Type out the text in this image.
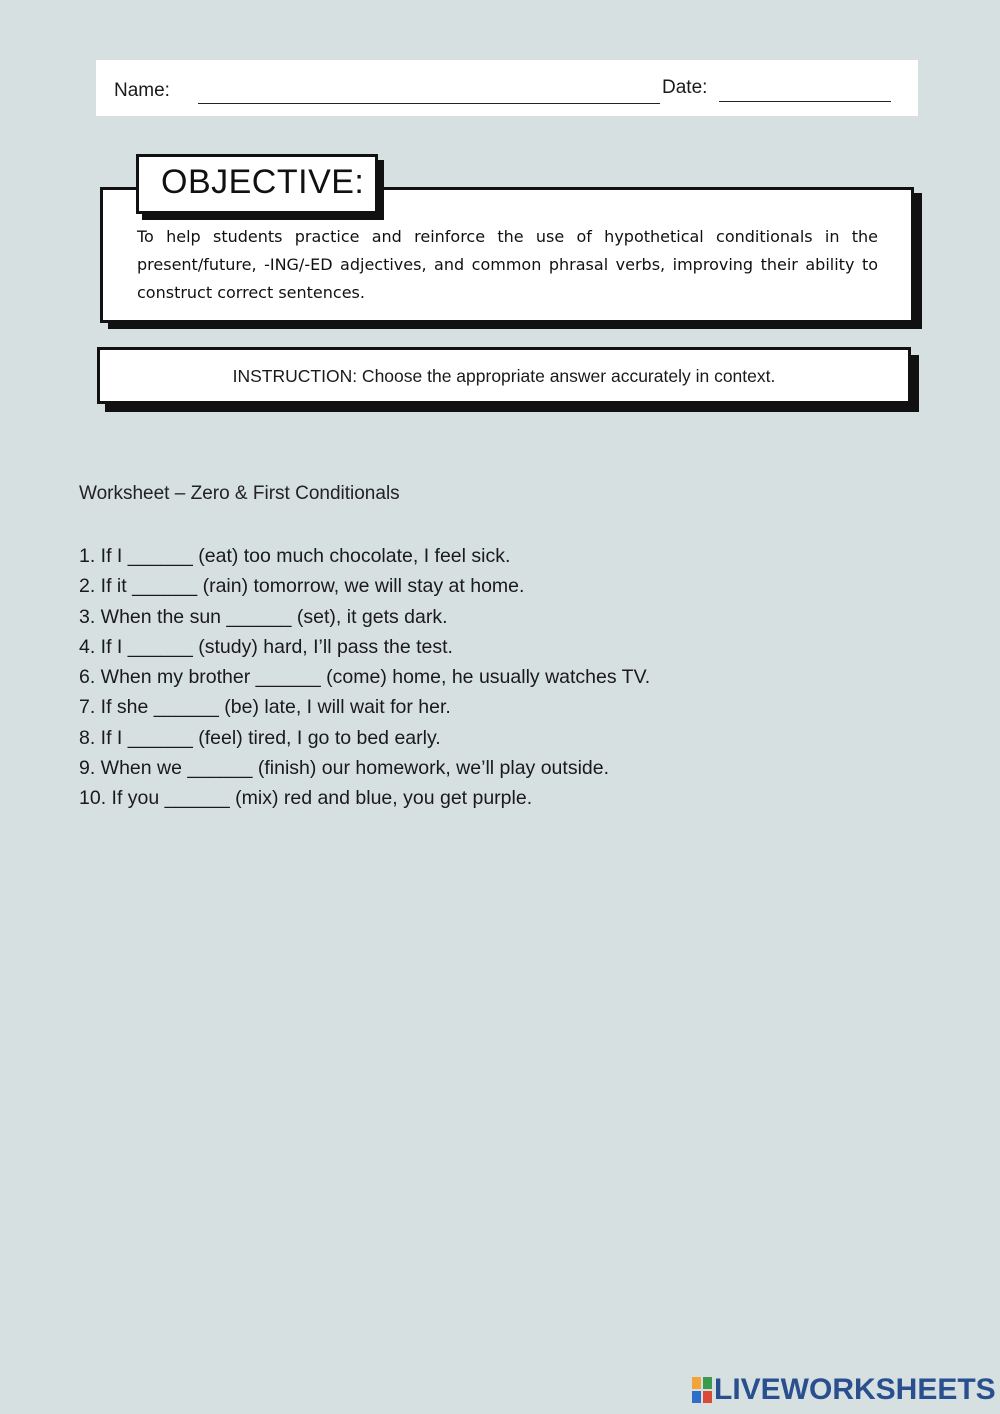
Name:	Date:
To help students practice and reinforce the use of hypothetical conditionals in the present/future, -ING/-ED adjectives, and common phrasal verbs, improving their ability to construct correct sentences.
OBJECTIVE:
INSTRUCTION: Choose the appropriate answer accurately in context.
Worksheet – Zero & First Conditionals
1. If I ______ (eat) too much chocolate, I feel sick.
2. If it ______ (rain) tomorrow, we will stay at home.
3. When the sun ______ (set), it gets dark.
4. If I ______ (study) hard, I’ll pass the test.
6. When my brother ______ (come) home, he usually watches TV.
7. If she ______ (be) late, I will wait for her.
8. If I ______ (feel) tired, I go to bed early.
9. When we ______ (finish) our homework, we’ll play outside.
10. If you ______ (mix) red and blue, you get purple.
LIVEWORKSHEETS
